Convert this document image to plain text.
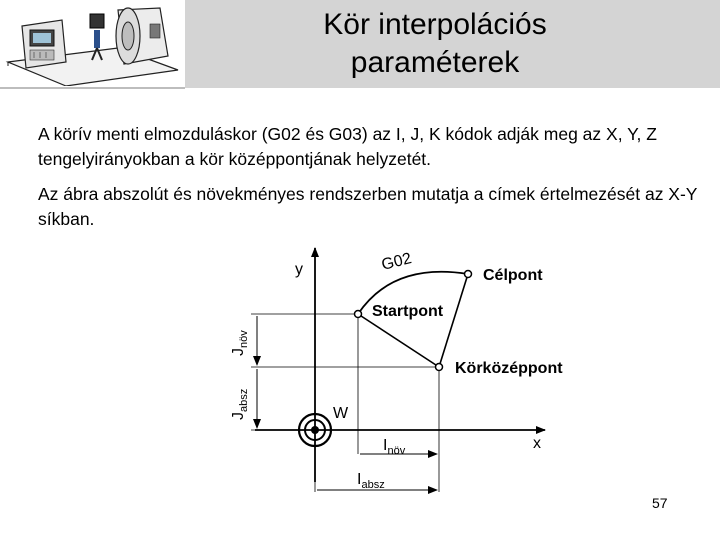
Kör interpolációs
paraméterek

A körív menti elmozduláskor (G02 és G03) az I, J, K kódok adják meg az X, Y, Z tengelyirányokban a kör középpontjának helyzetét.

Az ábra abszolút és növekményes rendszerben mutatja a címek értelmezését az X-Y síkban.

y
x
G02
Célpont
Startpont
Körközéppont
W
$J_{növ}$
$J_{absz}$
$I_{növ}$
$I_{absz}$
57
